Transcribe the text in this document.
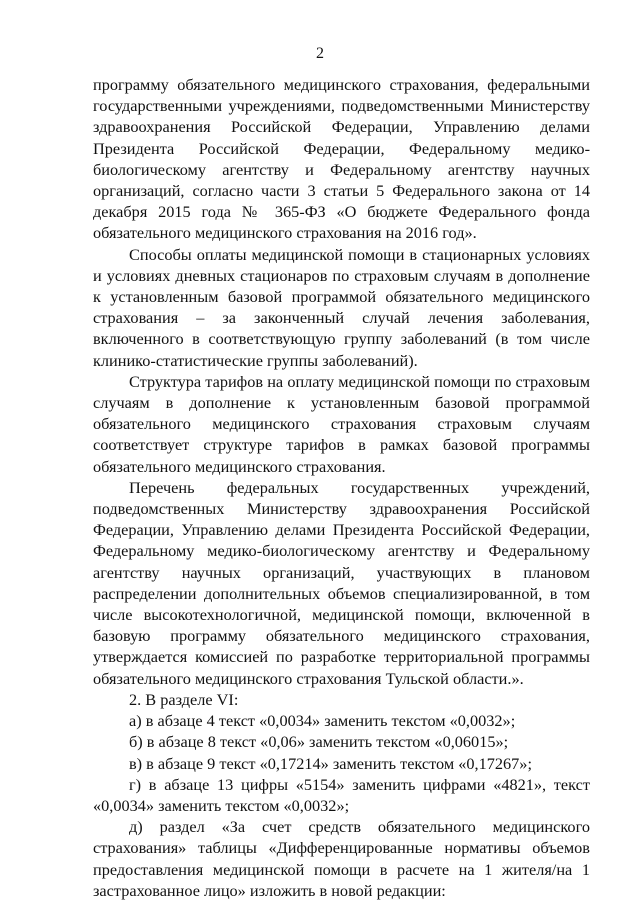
2

программу обязательного медицинского страхования, федеральными государственными учреждениями, подведомственными Министерству здравоохранения Российской Федерации, Управлению делами Президента Российской Федерации, Федеральному медико-биологическому агентству и Федеральному агентству научных организаций, согласно части 3 статьи 5 Федерального закона от 14 декабря 2015 года № 365-ФЗ «О бюджете Федерального фонда обязательного медицинского страхования на 2016 год».

Способы оплаты медицинской помощи в стационарных условиях и условиях дневных стационаров по страховым случаям в дополнение к установленным базовой программой обязательного медицинского страхования – за законченный случай лечения заболевания, включенного в соответствующую группу заболеваний (в том числе клинико-статистические группы заболеваний).

Структура тарифов на оплату медицинской помощи по страховым случаям в дополнение к установленным базовой программой обязательного медицинского страхования страховым случаям соответствует структуре тарифов в рамках базовой программы обязательного медицинского страхования.

Перечень федеральных государственных учреждений, подведомственных Министерству здравоохранения Российской Федерации, Управлению делами Президента Российской Федерации, Федеральному медико-биологическому агентству и Федеральному агентству научных организаций, участвующих в плановом распределении дополнительных объемов специализированной, в том числе высокотехнологичной, медицинской помощи, включенной в базовую программу обязательного медицинского страхования, утверждается комиссией по разработке территориальной программы обязательного медицинского страхования Тульской области.».

2. В разделе VI:

а) в абзаце 4 текст «0,0034» заменить текстом «0,0032»;

б) в абзаце 8 текст «0,06» заменить текстом «0,06015»;

в) в абзаце 9 текст «0,17214» заменить текстом «0,17267»;

г) в абзаце 13 цифры «5154» заменить цифрами «4821», текст «0,0034» заменить текстом «0,0032»;

д) раздел «За счет средств обязательного медицинского страхования» таблицы «Дифференцированные нормативы объемов предоставления медицинской помощи в расчете на 1 жителя/на 1 застрахованное лицо» изложить в новой редакции:
